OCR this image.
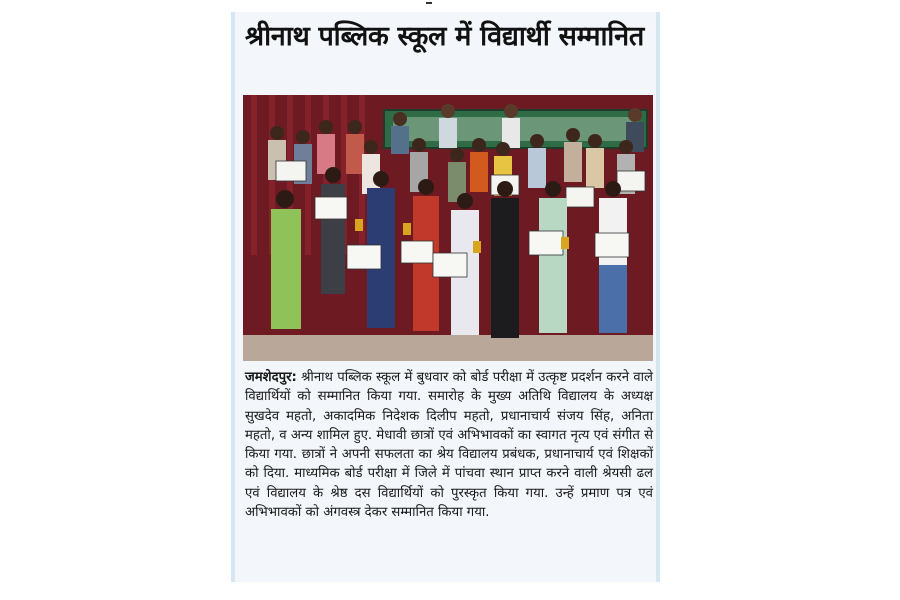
श्रीनाथ पब्लिक स्कूल में विद्यार्थी सम्मानित
जमशेदपुर: श्रीनाथ पब्लिक स्कूल में बुधवार को बोर्ड परीक्षा में उत्कृष्ट प्रदर्शन करने वाले विद्यार्थियों को सम्मानित किया गया. समारोह के मुख्य अतिथि विद्यालय के अध्यक्ष सुखदेव महतो, अकादमिक निदेशक दिलीप महतो, प्रधानाचार्य संजय सिंह, अनिता महतो, व अन्य शामिल हुए. मेधावी छात्रों एवं अभिभावकों का स्वागत नृत्य एवं संगीत से किया गया. छात्रों ने अपनी सफलता का श्रेय विद्यालय प्रबंधक, प्रधानाचार्य एवं शिक्षकों को दिया. माध्यमिक बोर्ड परीक्षा में जिले में पांचवा स्थान प्राप्त करने वाली श्रेयसी ढल एवं विद्यालय के श्रेष्ठ दस विद्यार्थियों को पुरस्कृत किया गया. उन्हें प्रमाण पत्र एवं अभिभावकों को अंगवस्त्र देकर सम्मानित किया गया.
